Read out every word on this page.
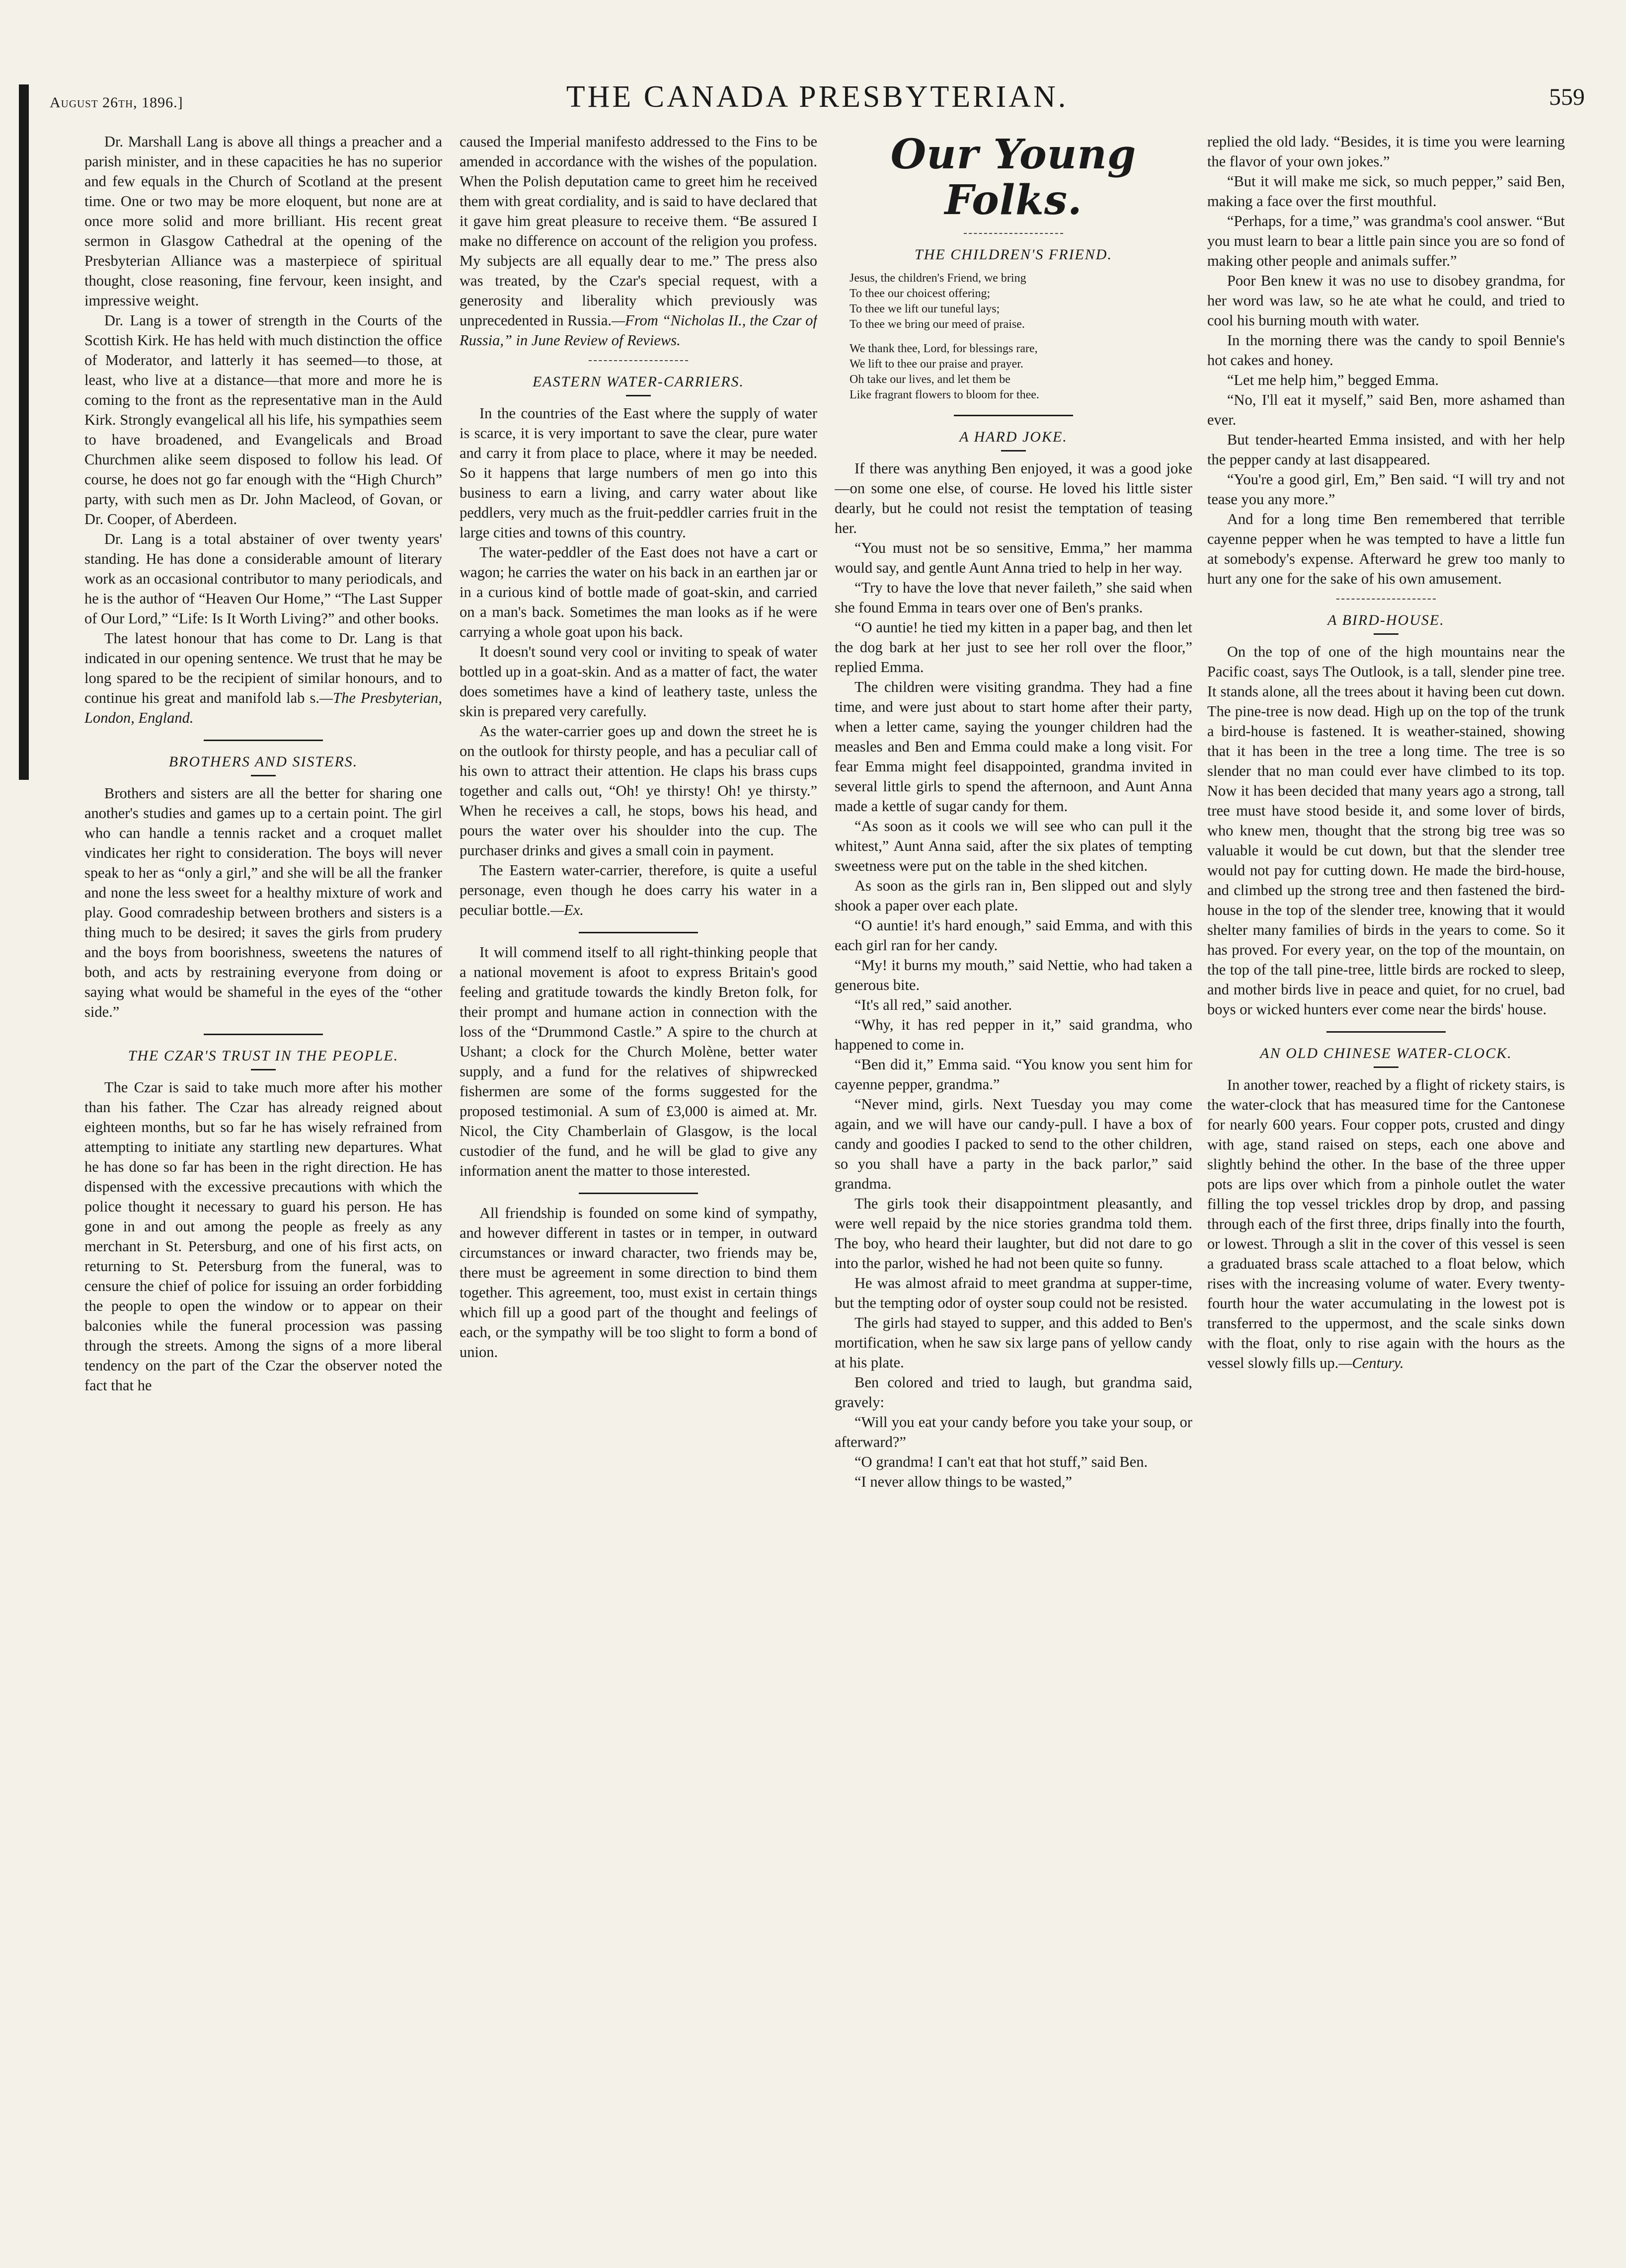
August 26th, 1896.]	THE CANADA PRESBYTERIAN.	559

Dr. Marshall Lang is above all things a preacher and a parish minister, and in these capacities he has no superior and few equals in the Church of Scotland at the present time. One or two may be more eloquent, but none are at once more solid and more brilliant. His recent great sermon in Glasgow Cathedral at the opening of the Presbyterian Alliance was a masterpiece of spiritual thought, close reasoning, fine fervour, keen insight, and impressive weight.

Dr. Lang is a tower of strength in the Courts of the Scottish Kirk. He has held with much distinction the office of Moderator, and latterly it has seemed—to those, at least, who live at a distance—that more and more he is coming to the front as the representative man in the Auld Kirk. Strongly evangelical all his life, his sympathies seem to have broadened, and Evangelicals and Broad Churchmen alike seem disposed to follow his lead. Of course, he does not go far enough with the “High Church” party, with such men as Dr. John Macleod, of Govan, or Dr. Cooper, of Aberdeen.

Dr. Lang is a total abstainer of over twenty years' standing. He has done a considerable amount of literary work as an occasional contributor to many periodicals, and he is the author of “Heaven Our Home,” “The Last Supper of Our Lord,” “Life: Is It Worth Living?” and other books.

The latest honour that has come to Dr. Lang is that indicated in our opening sentence. We trust that he may be long spared to be the recipient of similar honours, and to continue his great and manifold lab s.—The Presbyterian, London, England.

BROTHERS AND SISTERS.

Brothers and sisters are all the better for sharing one another's studies and games up to a certain point. The girl who can handle a tennis racket and a croquet mallet vindicates her right to consideration. The boys will never speak to her as “only a girl,” and she will be all the franker and none the less sweet for a healthy mixture of work and play. Good comradeship between brothers and sisters is a thing much to be desired; it saves the girls from prudery and the boys from boorishness, sweetens the natures of both, and acts by restraining everyone from doing or saying what would be shameful in the eyes of the “other side.”

THE CZAR'S TRUST IN THE PEOPLE.

The Czar is said to take much more after his mother than his father. The Czar has already reigned about eighteen months, but so far he has wisely refrained from attempting to initiate any startling new departures. What he has done so far has been in the right direction. He has dispensed with the excessive precautions with which the police thought it necessary to guard his person. He has gone in and out among the people as freely as any merchant in St. Petersburg, and one of his first acts, on returning to St. Petersburg from the funeral, was to censure the chief of police for issuing an order forbidding the people to open the window or to appear on their balconies while the funeral procession was passing through the streets. Among the signs of a more liberal tendency on the part of the Czar the observer noted the fact that he

caused the Imperial manifesto addressed to the Fins to be amended in accordance with the wishes of the population. When the Polish deputation came to greet him he received them with great cordiality, and is said to have declared that it gave him great pleasure to receive them. “Be assured I make no difference on account of the religion you profess. My subjects are all equally dear to me.” The press also was treated, by the Czar's special request, with a generosity and liberality which previously was unprecedented in Russia.—From “Nicholas II., the Czar of Russia,” in June Review of Reviews.

EASTERN WATER-CARRIERS.

In the countries of the East where the supply of water is scarce, it is very important to save the clear, pure water and carry it from place to place, where it may be needed. So it happens that large numbers of men go into this business to earn a living, and carry water about like peddlers, very much as the fruit-peddler carries fruit in the large cities and towns of this country.

The water-peddler of the East does not have a cart or wagon; he carries the water on his back in an earthen jar or in a curious kind of bottle made of goat-skin, and carried on a man's back. Sometimes the man looks as if he were carrying a whole goat upon his back.

It doesn't sound very cool or inviting to speak of water bottled up in a goat-skin. And as a matter of fact, the water does sometimes have a kind of leathery taste, unless the skin is prepared very carefully.

As the water-carrier goes up and down the street he is on the outlook for thirsty people, and has a peculiar call of his own to attract their attention. He claps his brass cups together and calls out, “Oh! ye thirsty! Oh! ye thirsty.” When he receives a call, he stops, bows his head, and pours the water over his shoulder into the cup. The purchaser drinks and gives a small coin in payment.

The Eastern water-carrier, therefore, is quite a useful personage, even though he does carry his water in a peculiar bottle.—Ex.

It will commend itself to all right-thinking people that a national movement is afoot to express Britain's good feeling and gratitude towards the kindly Breton folk, for their prompt and humane action in connection with the loss of the “Drummond Castle.” A spire to the church at Ushant; a clock for the Church Molène, better water supply, and a fund for the relatives of shipwrecked fishermen are some of the forms suggested for the proposed testimonial. A sum of £3,000 is aimed at. Mr. Nicol, the City Chamberlain of Glasgow, is the local custodier of the fund, and he will be glad to give any information anent the matter to those interested.

All friendship is founded on some kind of sympathy, and however different in tastes or in temper, in outward circumstances or inward character, two friends may be, there must be agreement in some direction to bind them together. This agreement, too, must exist in certain things which fill up a good part of the thought and feelings of each, or the sympathy will be too slight to form a bond of union.

Our Young Folks.
THE CHILDREN'S FRIEND.
Jesus, the children's Friend, we bring
To thee our choicest offering;
To thee we lift our tuneful lays;
To thee we bring our meed of praise.
We thank thee, Lord, for blessings rare,
We lift to thee our praise and prayer.
Oh take our lives, and let them be
Like fragrant flowers to bloom for thee.
A HARD JOKE.

If there was anything Ben enjoyed, it was a good joke—on some one else, of course. He loved his little sister dearly, but he could not resist the temptation of teasing her.

“You must not be so sensitive, Emma,” her mamma would say, and gentle Aunt Anna tried to help in her way.

“Try to have the love that never faileth,” she said when she found Emma in tears over one of Ben's pranks.

“O auntie! he tied my kitten in a paper bag, and then let the dog bark at her just to see her roll over the floor,” replied Emma.

The children were visiting grandma. They had a fine time, and were just about to start home after their party, when a letter came, saying the younger children had the measles and Ben and Emma could make a long visit. For fear Emma might feel disappointed, grandma invited in several little girls to spend the afternoon, and Aunt Anna made a kettle of sugar candy for them.

“As soon as it cools we will see who can pull it the whitest,” Aunt Anna said, after the six plates of tempting sweetness were put on the table in the shed kitchen.

As soon as the girls ran in, Ben slipped out and slyly shook a paper over each plate.

“O auntie! it's hard enough,” said Emma, and with this each girl ran for her candy.

“My! it burns my mouth,” said Nettie, who had taken a generous bite.

“It's all red,” said another.

“Why, it has red pepper in it,” said grandma, who happened to come in.

“Ben did it,” Emma said. “You know you sent him for cayenne pepper, grandma.”

“Never mind, girls. Next Tuesday you may come again, and we will have our candy-pull. I have a box of candy and goodies I packed to send to the other children, so you shall have a party in the back parlor,” said grandma.

The girls took their disappointment pleasantly, and were well repaid by the nice stories grandma told them. The boy, who heard their laughter, but did not dare to go into the parlor, wished he had not been quite so funny.

He was almost afraid to meet grandma at supper-time, but the tempting odor of oyster soup could not be resisted.

The girls had stayed to supper, and this added to Ben's mortification, when he saw six large pans of yellow candy at his plate.

Ben colored and tried to laugh, but grandma said, gravely:

“Will you eat your candy before you take your soup, or afterward?”

“O grandma! I can't eat that hot stuff,” said Ben.

“I never allow things to be wasted,”

replied the old lady. “Besides, it is time you were learning the flavor of your own jokes.”

“But it will make me sick, so much pepper,” said Ben, making a face over the first mouthful.

“Perhaps, for a time,” was grandma's cool answer. “But you must learn to bear a little pain since you are so fond of making other people and animals suffer.”

Poor Ben knew it was no use to disobey grandma, for her word was law, so he ate what he could, and tried to cool his burning mouth with water.

In the morning there was the candy to spoil Bennie's hot cakes and honey.

“Let me help him,” begged Emma.

“No, I'll eat it myself,” said Ben, more ashamed than ever.

But tender-hearted Emma insisted, and with her help the pepper candy at last disappeared.

“You're a good girl, Em,” Ben said. “I will try and not tease you any more.”

And for a long time Ben remembered that terrible cayenne pepper when he was tempted to have a little fun at somebody's expense. Afterward he grew too manly to hurt any one for the sake of his own amusement.

A BIRD-HOUSE.

On the top of one of the high mountains near the Pacific coast, says The Outlook, is a tall, slender pine tree. It stands alone, all the trees about it having been cut down. The pine-tree is now dead. High up on the top of the trunk a bird-house is fastened. It is weather-stained, showing that it has been in the tree a long time. The tree is so slender that no man could ever have climbed to its top. Now it has been decided that many years ago a strong, tall tree must have stood beside it, and some lover of birds, who knew men, thought that the strong big tree was so valuable it would be cut down, but that the slender tree would not pay for cutting down. He made the bird-house, and climbed up the strong tree and then fastened the bird-house in the top of the slender tree, knowing that it would shelter many families of birds in the years to come. So it has proved. For every year, on the top of the mountain, on the top of the tall pine-tree, little birds are rocked to sleep, and mother birds live in peace and quiet, for no cruel, bad boys or wicked hunters ever come near the birds' house.

AN OLD CHINESE WATER-CLOCK.

In another tower, reached by a flight of rickety stairs, is the water-clock that has measured time for the Cantonese for nearly 600 years. Four copper pots, crusted and dingy with age, stand raised on steps, each one above and slightly behind the other. In the base of the three upper pots are lips over which from a pinhole outlet the water filling the top vessel trickles drop by drop, and passing through each of the first three, drips finally into the fourth, or lowest. Through a slit in the cover of this vessel is seen a graduated brass scale attached to a float below, which rises with the increasing volume of water. Every twenty-fourth hour the water accumulating in the lowest pot is transferred to the uppermost, and the scale sinks down with the float, only to rise again with the hours as the vessel slowly fills up.—Century.
